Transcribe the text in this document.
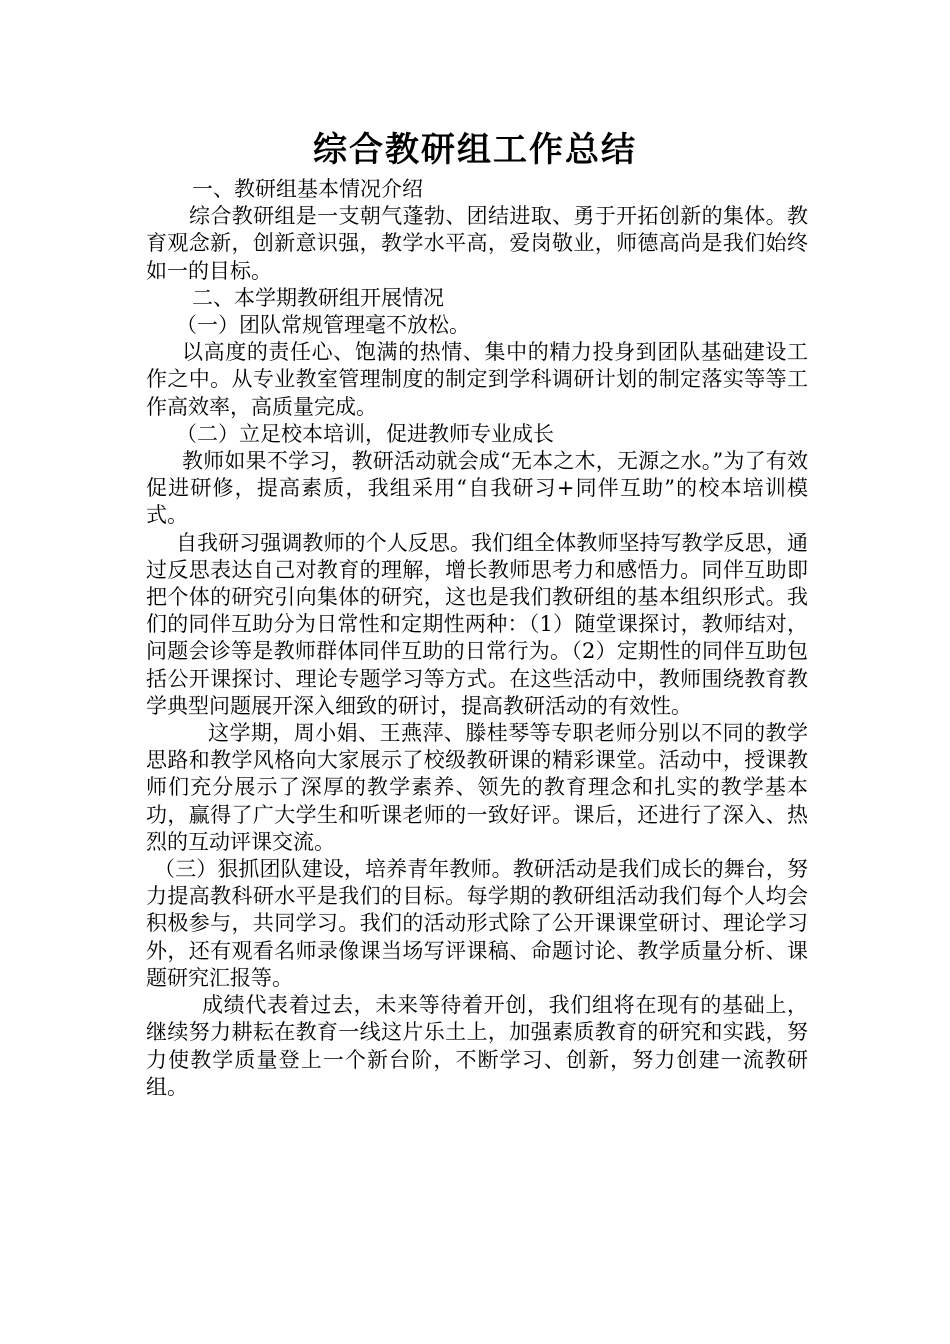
综合教研组工作总结

一、教研组基本情况介绍

综合教研组是一支朝气蓬勃、团结进取、勇于开拓创新的集体。教育观念新，创新意识强，教学水平高，爱岗敬业，师德高尚是我们始终如一的目标。

二、本学期教研组开展情况

（一）团队常规管理毫不放松。

以高度的责任心、饱满的热情、集中的精力投身到团队基础建设工作之中。从专业教室管理制度的制定到学科调研计划的制定落实等等工作高效率，高质量完成。

（二）立足校本培训，促进教师专业成长

教师如果不学习，教研活动就会成“无本之木，无源之水。”为了有效促进研修，提高素质，我组采用“自我研习+同伴互助”的校本培训模式。

自我研习强调教师的个人反思。我们组全体教师坚持写教学反思，通过反思表达自己对教育的理解，增长教师思考力和感悟力。同伴互助即把个体的研究引向集体的研究，这也是我们教研组的基本组织形式。我们的同伴互助分为日常性和定期性两种：（1）随堂课探讨，教师结对，问题会诊等是教师群体同伴互助的日常行为。（2）定期性的同伴互助包括公开课探讨、理论专题学习等方式。在这些活动中，教师围绕教育教学典型问题展开深入细致的研讨，提高教研活动的有效性。

这学期，周小娟、王燕萍、滕桂琴等专职老师分别以不同的教学思路和教学风格向大家展示了校级教研课的精彩课堂。活动中，授课教师们充分展示了深厚的教学素养、领先的教育理念和扎实的教学基本功，赢得了广大学生和听课老师的一致好评。课后，还进行了深入、热烈的互动评课交流。

（三）狠抓团队建设，培养青年教师。教研活动是我们成长的舞台，努力提高教科研水平是我们的目标。每学期的教研组活动我们每个人均会积极参与，共同学习。我们的活动形式除了公开课课堂研讨、理论学习外，还有观看名师录像课当场写评课稿、命题讨论、教学质量分析、课题研究汇报等。

成绩代表着过去，未来等待着开创，我们组将在现有的基础上，继续努力耕耘在教育一线这片乐土上，加强素质教育的研究和实践，努力使教学质量登上一个新台阶，不断学习、创新，努力创建一流教研组。
